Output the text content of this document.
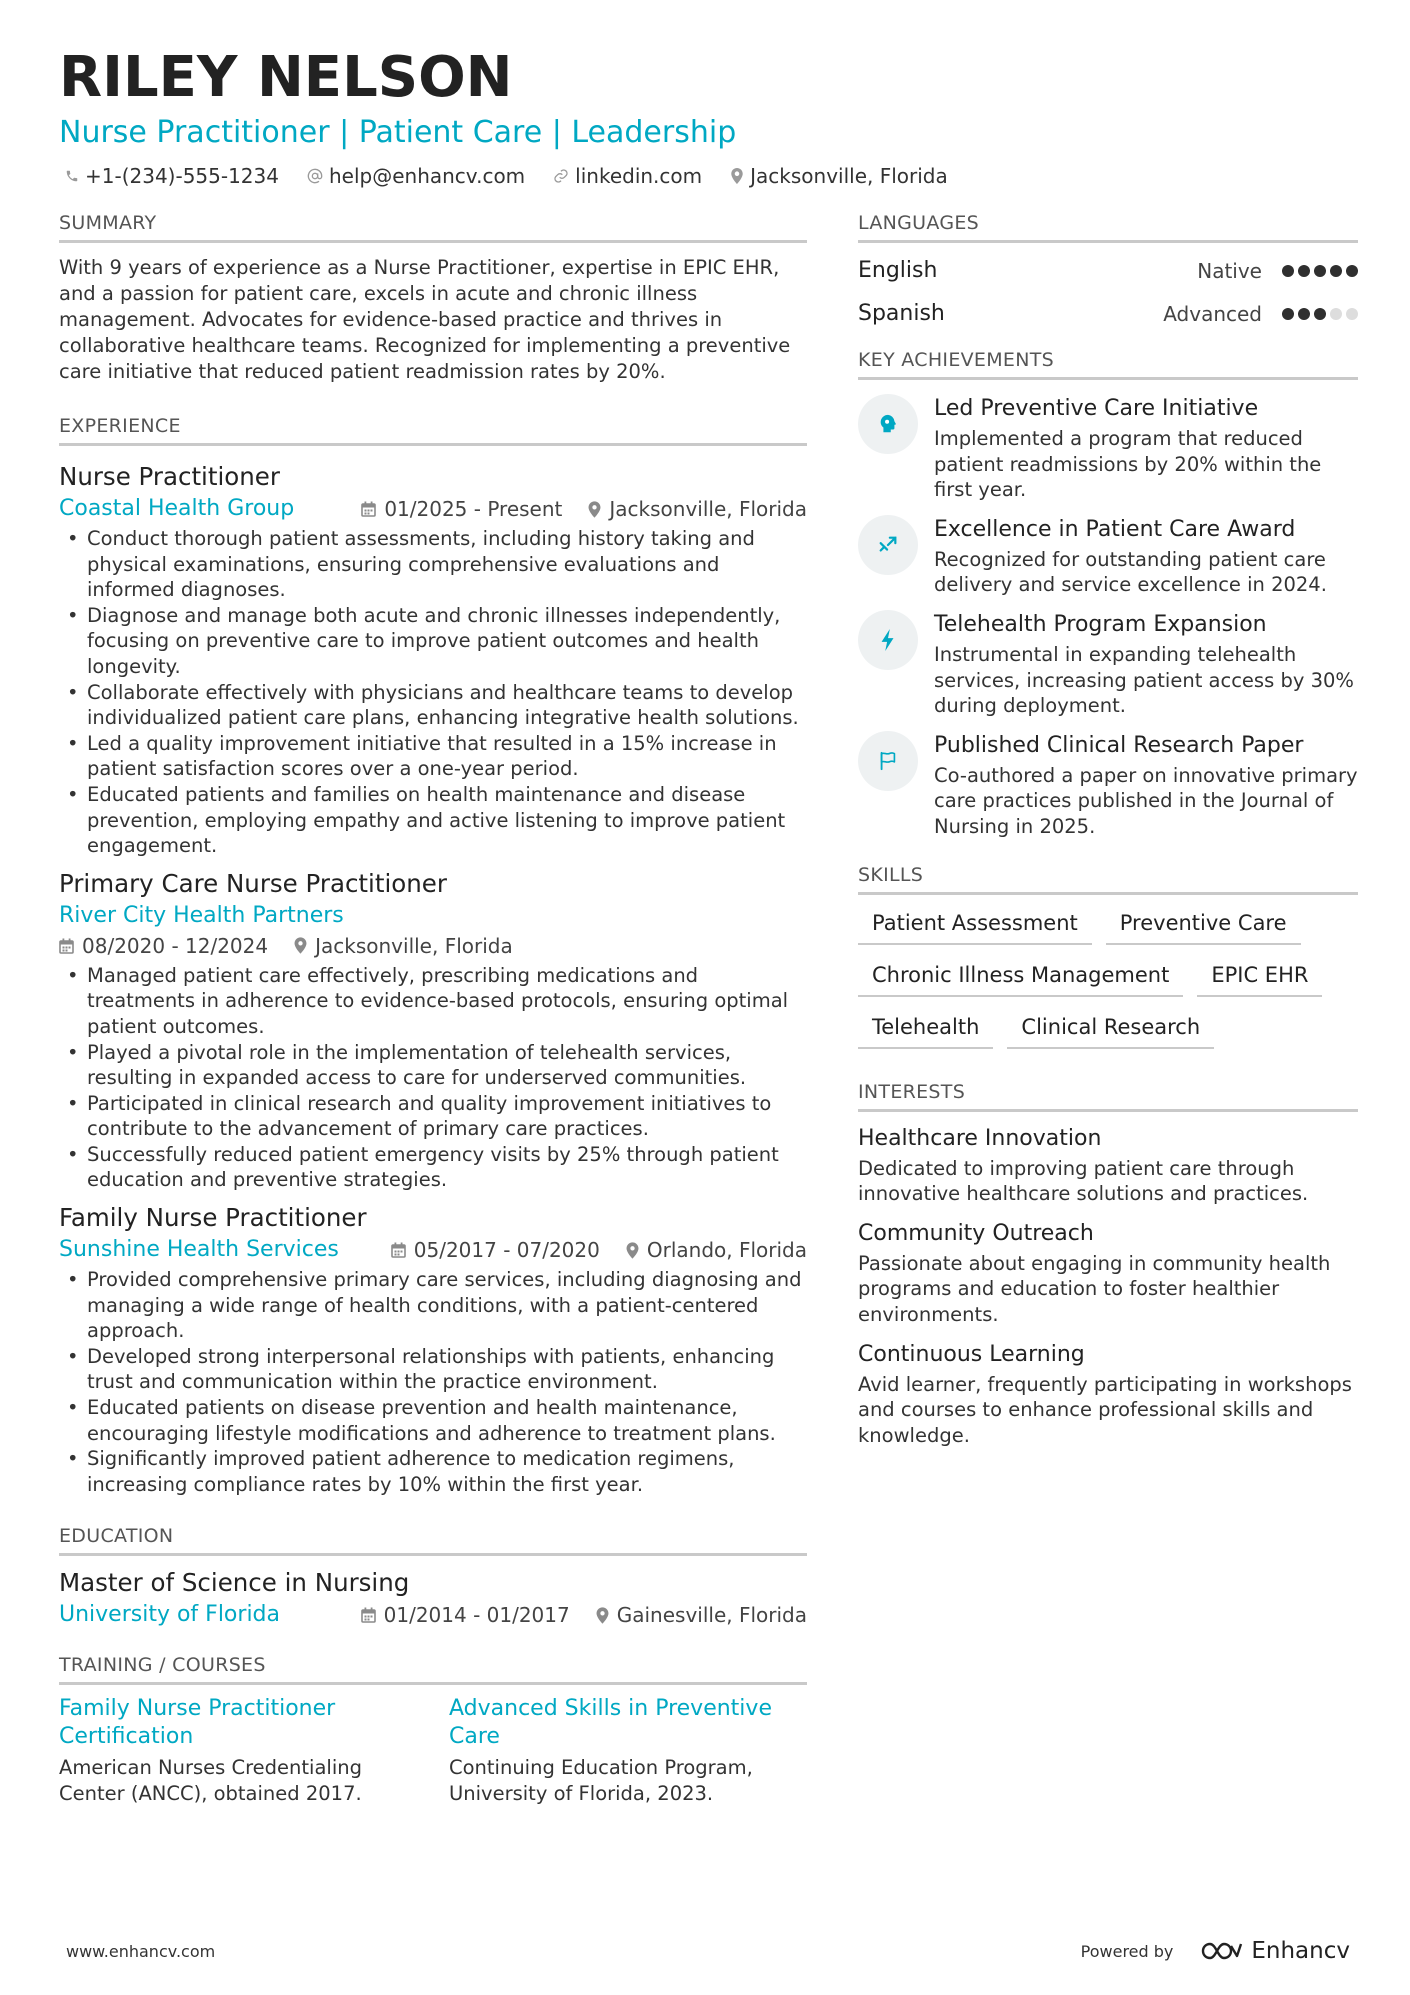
RILEY NELSON
Nurse Practitioner | Patient Care | Leadership
+1-(234)-555-1234	help@enhancv.com	linkedin.com Jacksonville, Florida
SUMMARY
With 9 years of experience as a Nurse Practitioner, expertise in EPIC EHR, and a passion for patient care, excels in acute and chronic illness management. Advocates for evidence-based practice and thrives in collaborative healthcare teams. Recognized for implementing a preventive care initiative that reduced patient readmission rates by 20%.
EXPERIENCE
Nurse Practitioner
Coastal Health Group	01/2025 - Present Jacksonville, Florida
• Conduct thorough patient assessments, including history taking and physical examinations, ensuring comprehensive evaluations and informed diagnoses.
• Diagnose and manage both acute and chronic illnesses independently, focusing on preventive care to improve patient outcomes and health longevity.
• Collaborate effectively with physicians and healthcare teams to develop individualized patient care plans, enhancing integrative health solutions.
• Led a quality improvement initiative that resulted in a 15% increase in patient satisfaction scores over a one-year period.
• Educated patients and families on health maintenance and disease prevention, employing empathy and active listening to improve patient engagement.
Primary Care Nurse Practitioner
River City Health Partners
08/2020 - 12/2024 Jacksonville, Florida
• Managed patient care effectively, prescribing medications and treatments in adherence to evidence-based protocols, ensuring optimal patient outcomes.
• Played a pivotal role in the implementation of telehealth services, resulting in expanded access to care for underserved communities.
• Participated in clinical research and quality improvement initiatives to contribute to the advancement of primary care practices.
• Successfully reduced patient emergency visits by 25% through patient education and preventive strategies.
Family Nurse Practitioner
Sunshine Health Services	05/2017 - 07/2020 Orlando, Florida
• Provided comprehensive primary care services, including diagnosing and managing a wide range of health conditions, with a patient-centered approach.
• Developed strong interpersonal relationships with patients, enhancing trust and communication within the practice environment.
• Educated patients on disease prevention and health maintenance, encouraging lifestyle modifications and adherence to treatment plans.
• Significantly improved patient adherence to medication regimens, increasing compliance rates by 10% within the first year.
EDUCATION
Master of Science in Nursing
University of Florida	01/2014 - 01/2017 Gainesville, Florida
TRAINING / COURSES
Family Nurse Practitioner Certification
American Nurses Credentialing Center (ANCC), obtained 2017.
Advanced Skills in Preventive Care
Continuing Education Program, University of Florida, 2023.
LANGUAGES
English	Native
Spanish	Advanced
KEY ACHIEVEMENTS
Led Preventive Care Initiative
Implemented a program that reduced patient readmissions by 20% within the first year.
Excellence in Patient Care Award
Recognized for outstanding patient care delivery and service excellence in 2024.
Telehealth Program Expansion
Instrumental in expanding telehealth services, increasing patient access by 30% during deployment.
Published Clinical Research Paper
Co-authored a paper on innovative primary care practices published in the Journal of Nursing in 2025.
SKILLS
Patient Assessment	Preventive Care
Chronic Illness Management	EPIC EHR
Telehealth	Clinical Research
INTERESTS
Healthcare Innovation
Dedicated to improving patient care through innovative healthcare solutions and practices.
Community Outreach
Passionate about engaging in community health programs and education to foster healthier environments.
Continuous Learning
Avid learner, frequently participating in workshops and courses to enhance professional skills and knowledge.
www.enhancv.com	Powered by	Enhancv
